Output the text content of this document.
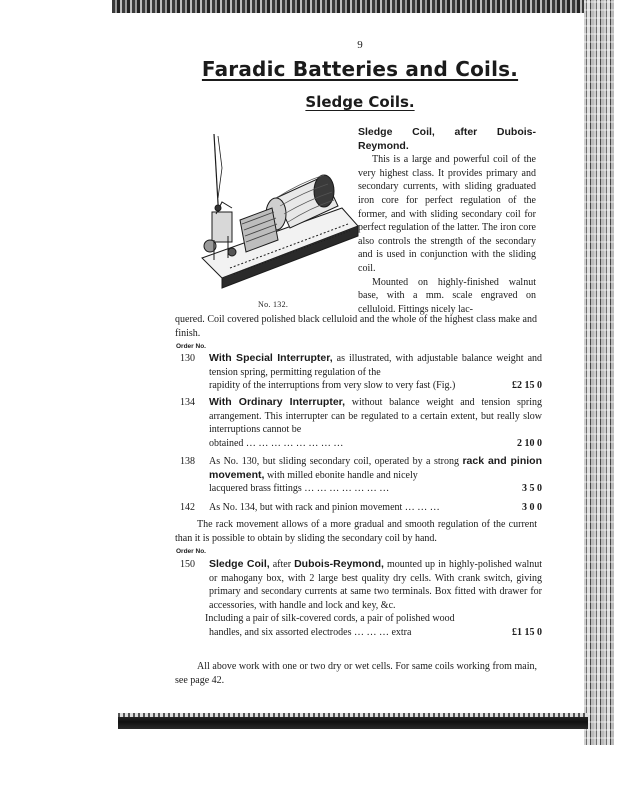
9
Faradic Batteries and Coils.
Sledge Coils.
No. 132.

Sledge Coil, after Dubois-Reymond.

This is a large and powerful coil of the very highest class. It provides primary and secondary currents, with sliding graduated iron core for perfect regulation of the former, and with sliding secondary coil for perfect regulation of the latter. The iron core also controls the strength of the secondary and is used in conjunction with the sliding coil.

Mounted on highly-finished walnut base, with a mm. scale engraved on celluloid. Fittings nicely lac-

quered. Coil covered polished black celluloid and the whole of the highest class make and finish.
Order No.
130	With Special Interrupter, as illustrated, with adjustable balance weight and tension spring, permitting regulation of the
rapidity of the interruptions from very slow to very fast (Fig.)	£2 15 0
134	With Ordinary Interrupter, without balance weight and tension spring arrangement. This interrupter can be regulated to a certain extent, but really slow interruptions cannot be
obtained … … … … … … … …	2 10 0
138	As No. 130, but sliding secondary coil, operated by a strong rack and pinion movement, with milled ebonite handle and nicely
lacquered brass fittings … … … … … … …	3 5 0
142	As No. 134, but with rack and pinion movement … … …	3 0 0
The rack movement allows of a more gradual and smooth regulation of the current than it is possible to obtain by sliding the secondary coil by hand.
Order No.
150	Sledge Coil, after Dubois-Reymond, mounted up in highly-polished walnut or mahogany box, with 2 large best quality dry cells. With crank switch, giving primary and secondary currents at same two terminals. Box fitted with drawer for accessories, with handle and lock and key, &c.
Including a pair of silk-covered cords, a pair of polished wood
handles, and six assorted electrodes … … … extra	£1 15 0
All above work with one or two dry or wet cells. For same coils working from main, see page 42.
